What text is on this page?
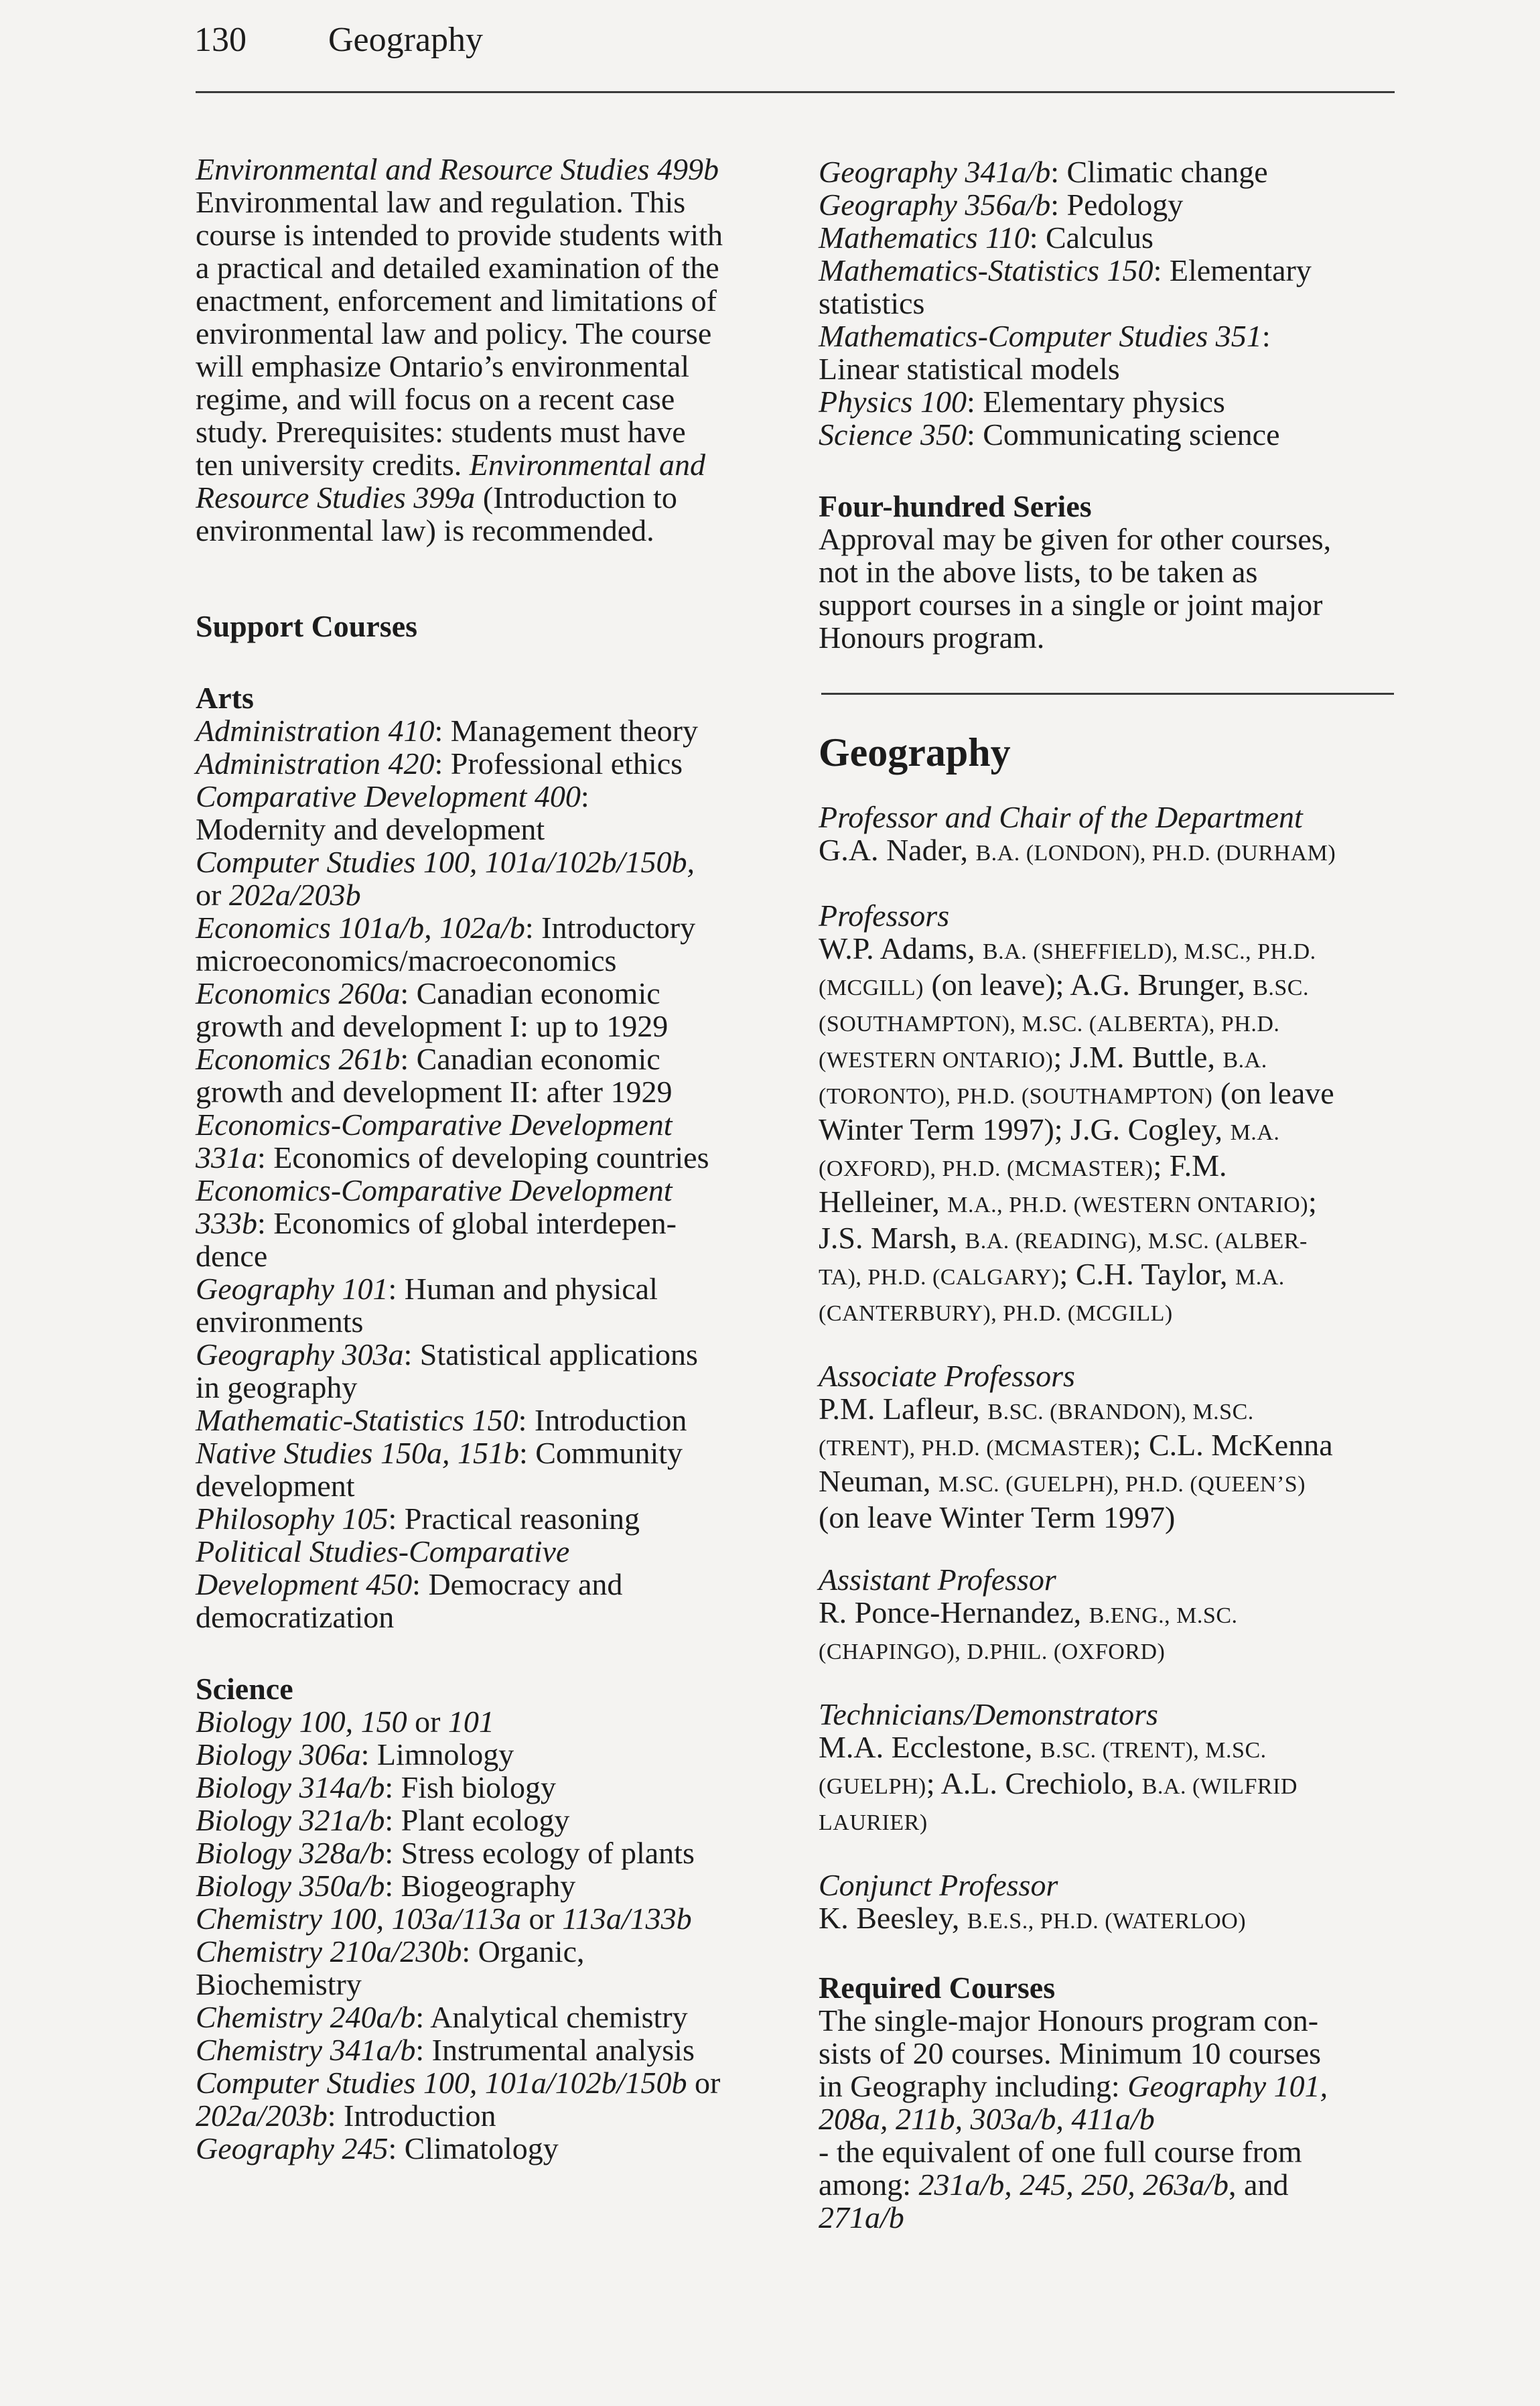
130 Geography
Environmental and Resource Studies 499b
Environmental law and regulation. This
course is intended to provide students with
a practical and detailed examination of the
enactment, enforcement and limitations of
environmental law and policy. The course
will emphasize Ontario’s environmental
regime, and will focus on a recent case
study. Prerequisites: students must have
ten university credits. Environmental and
Resource Studies 399a (Introduction to
environmental law) is recommended.
Support Courses
Arts
Administration 410: Management theory
Administration 420: Professional ethics
Comparative Development 400:
Modernity and development
Computer Studies 100, 101a/102b/150b,
or 202a/203b
Economics 101a/b, 102a/b: Introductory
microeconomics/macroeconomics
Economics 260a: Canadian economic
growth and development I: up to 1929
Economics 261b: Canadian economic
growth and development II: after 1929
Economics-Comparative Development
331a: Economics of developing countries
Economics-Comparative Development
333b: Economics of global interdepen-
dence
Geography 101: Human and physical
environments
Geography 303a: Statistical applications
in geography
Mathematic-Statistics 150: Introduction
Native Studies 150a, 151b: Community
development
Philosophy 105: Practical reasoning
Political Studies-Comparative
Development 450: Democracy and
democratization
Science
Biology 100, 150 or 101
Biology 306a: Limnology
Biology 314a/b: Fish biology
Biology 321a/b: Plant ecology
Biology 328a/b: Stress ecology of plants
Biology 350a/b: Biogeography
Chemistry 100, 103a/113a or 113a/133b
Chemistry 210a/230b: Organic,
Biochemistry
Chemistry 240a/b: Analytical chemistry
Chemistry 341a/b: Instrumental analysis
Computer Studies 100, 101a/102b/150b or
202a/203b: Introduction
Geography 245: Climatology
Geography 341a/b: Climatic change
Geography 356a/b: Pedology
Mathematics 110: Calculus
Mathematics-Statistics 150: Elementary
statistics
Mathematics-Computer Studies 351:
Linear statistical models
Physics 100: Elementary physics
Science 350: Communicating science
Four-hundred Series
Approval may be given for other courses,
not in the above lists, to be taken as
support courses in a single or joint major
Honours program.
Geography
Professor and Chair of the Department
G.A. Nader, B.A. (LONDON), PH.D. (DURHAM)
Professors
W.P. Adams, B.A. (SHEFFIELD), M.SC., PH.D.
(MCGILL) (on leave); A.G. Brunger, B.SC.
(SOUTHAMPTON), M.SC. (ALBERTA), PH.D.
(WESTERN ONTARIO); J.M. Buttle, B.A.
(TORONTO), PH.D. (SOUTHAMPTON) (on leave
Winter Term 1997); J.G. Cogley, M.A.
(OXFORD), PH.D. (MCMASTER); F.M.
Helleiner, M.A., PH.D. (WESTERN ONTARIO);
J.S. Marsh, B.A. (READING), M.SC. (ALBER-
TA), PH.D. (CALGARY); C.H. Taylor, M.A.
(CANTERBURY), PH.D. (MCGILL)
Associate Professors
P.M. Lafleur, B.SC. (BRANDON), M.SC.
(TRENT), PH.D. (MCMASTER); C.L. McKenna
Neuman, M.SC. (GUELPH), PH.D. (QUEEN’S)
(on leave Winter Term 1997)
Assistant Professor
R. Ponce-Hernandez, B.ENG., M.SC.
(CHAPINGO), D.PHIL. (OXFORD)
Technicians/Demonstrators
M.A. Ecclestone, B.SC. (TRENT), M.SC.
(GUELPH); A.L. Crechiolo, B.A. (WILFRID
LAURIER)
Conjunct Professor
K. Beesley, B.E.S., PH.D. (WATERLOO)
Required Courses
The single-major Honours program con-
sists of 20 courses. Minimum 10 courses
in Geography including: Geography 101,
208a, 211b, 303a/b, 411a/b
- the equivalent of one full course from
among: 231a/b, 245, 250, 263a/b, and
271a/b
